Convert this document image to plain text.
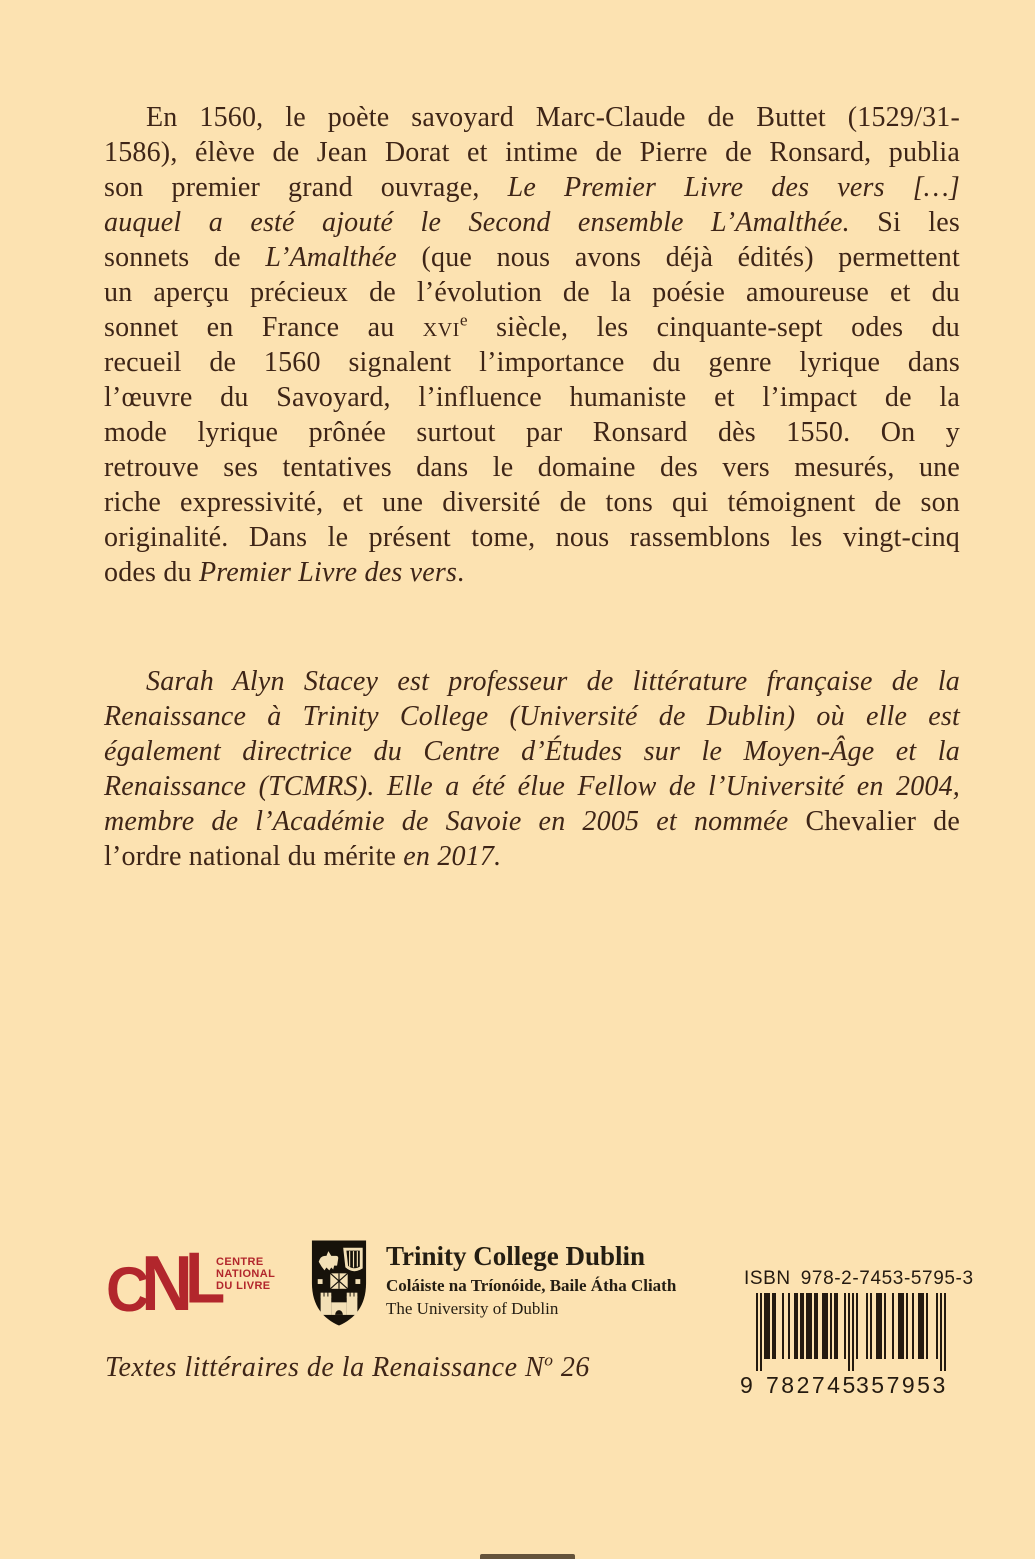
En 1560, le poète savoyard Marc-Claude de Buttet (1529/31-
1586), élève de Jean Dorat et intime de Pierre de Ronsard, publia
son premier grand ouvrage, Le Premier Livre des vers […]
auquel a esté ajouté le Second ensemble L’Amalthée. Si les
sonnets de L’Amalthée (que nous avons déjà édités) permettent
un aperçu précieux de l’évolution de la poésie amoureuse et du
sonnet en France au xvi$^e$ siècle, les cinquante-sept odes du
recueil de 1560 signalent l’importance du genre lyrique dans
l’œuvre du Savoyard, l’influence humaniste et l’impact de la
mode lyrique prônée surtout par Ronsard dès 1550. On y
retrouve ses tentatives dans le domaine des vers mesurés, une
riche expressivité, et une diversité de tons qui témoignent de son
originalité. Dans le présent tome, nous rassemblons les vingt-cinq
odes du Premier Livre des vers.
Sarah Alyn Stacey est professeur de littérature française de la
Renaissance à Trinity College (Université de Dublin) où elle est
également directrice du Centre d’Études sur le Moyen-Âge et la
Renaissance (TCMRS). Elle a été élue Fellow de l’Université en 2004,
membre de l’Académie de Savoie en 2005 et nommée Chevalier de
l’ordre national du mérite en 2017.
C
N
L
CENTRE
NATIONAL
DU LIVRE
Trinity College Dublin
Coláiste na Tríonóide, Baile Átha Cliath
The University of Dublin
ISBN 978-2-7453-5795-3
9 782745
357953
Textes littéraires de la Renaissance $N^o$ 26
